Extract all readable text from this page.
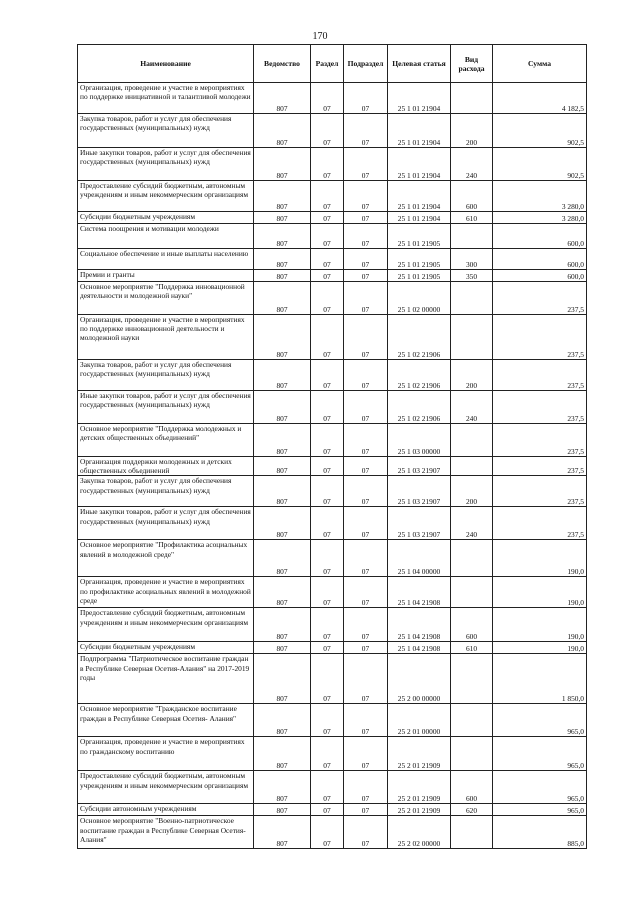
170
Наименование	Ведомство	Раздел	Подраздел	Целевая статья	Вид расхода	Сумма
Организация, проведение и участие в мероприятиях по поддержке инициативной и талантливой молодежи	807	07	07	25 1 01 21904		4 182,5
Закупка товаров, работ и услуг для обеспечения государственных (муниципальных) нужд	807	07	07	25 1 01 21904	200	902,5
Иные закупки товаров, работ и услуг для обеспечения государственных (муниципальных) нужд	807	07	07	25 1 01 21904	240	902,5
Предоставление субсидий бюджетным, автономным учреждениям и иным некоммерческим организациям	807	07	07	25 1 01 21904	600	3 280,0
Субсидии бюджетным учреждениям	807	07	07	25 1 01 21904	610	3 280,0
Система поощрения и мотивации молодежи	807	07	07	25 1 01 21905		600,0
Социальное обеспечение и иные выплаты населению	807	07	07	25 1 01 21905	300	600,0
Премии и гранты	807	07	07	25 1 01 21905	350	600,0
Основное мероприятие "Поддержка инновационной деятельности и молодежной науки"	807	07	07	25 1 02 00000		237,5
Организация, проведение и участие в мероприятиях по поддержке инновационной деятельности и молодежной науки	807	07	07	25 1 02 21906		237,5
Закупка товаров, работ и услуг для обеспечения государственных (муниципальных) нужд	807	07	07	25 1 02 21906	200	237,5
Иные закупки товаров, работ и услуг для обеспечения государственных (муниципальных) нужд	807	07	07	25 1 02 21906	240	237,5
Основное мероприятие "Поддержка молодежных и детских общественных объединений"	807	07	07	25 1 03 00000		237,5
Организация поддержки молодежных и детских общественных объединений	807	07	07	25 1 03 21907		237,5
Закупка товаров, работ и услуг для обеспечения государственных (муниципальных) нужд	807	07	07	25 1 03 21907	200	237,5
Иные закупки товаров, работ и услуг для обеспечения государственных (муниципальных) нужд	807	07	07	25 1 03 21907	240	237,5
Основное мероприятие "Профилактика асоциальных явлений в молодежной среде"	807	07	07	25 1 04 00000		190,0
Организация, проведение и участие в мероприятиях по профилактике асоциальных явлений в молодежной среде	807	07	07	25 1 04 21908		190,0
Предоставление субсидий бюджетным, автономным учреждениям и иным некоммерческим организациям	807	07	07	25 1 04 21908	600	190,0
Субсидии бюджетным учреждениям	807	07	07	25 1 04 21908	610	190,0
Подпрограмма "Патриотическое воспитание граждан в Республике Северная Осетия-Алания" на 2017-2019 годы	807	07	07	25 2 00 00000		1 850,0
Основное мероприятие "Гражданское воспитание граждан в Республике Северная Осетия- Алания"	807	07	07	25 2 01 00000		965,0
Организация, проведение и участие в мероприятиях по гражданскому воспитанию	807	07	07	25 2 01 21909		965,0
Предоставление субсидий бюджетным, автономным учреждениям и иным некоммерческим организациям	807	07	07	25 2 01 21909	600	965,0
Субсидии автономным учреждениям	807	07	07	25 2 01 21909	620	965,0
Основное мероприятие "Военно-патриотическое воспитание граждан в Республике Северная Осетия- Алания"	807	07	07	25 2 02 00000		885,0
